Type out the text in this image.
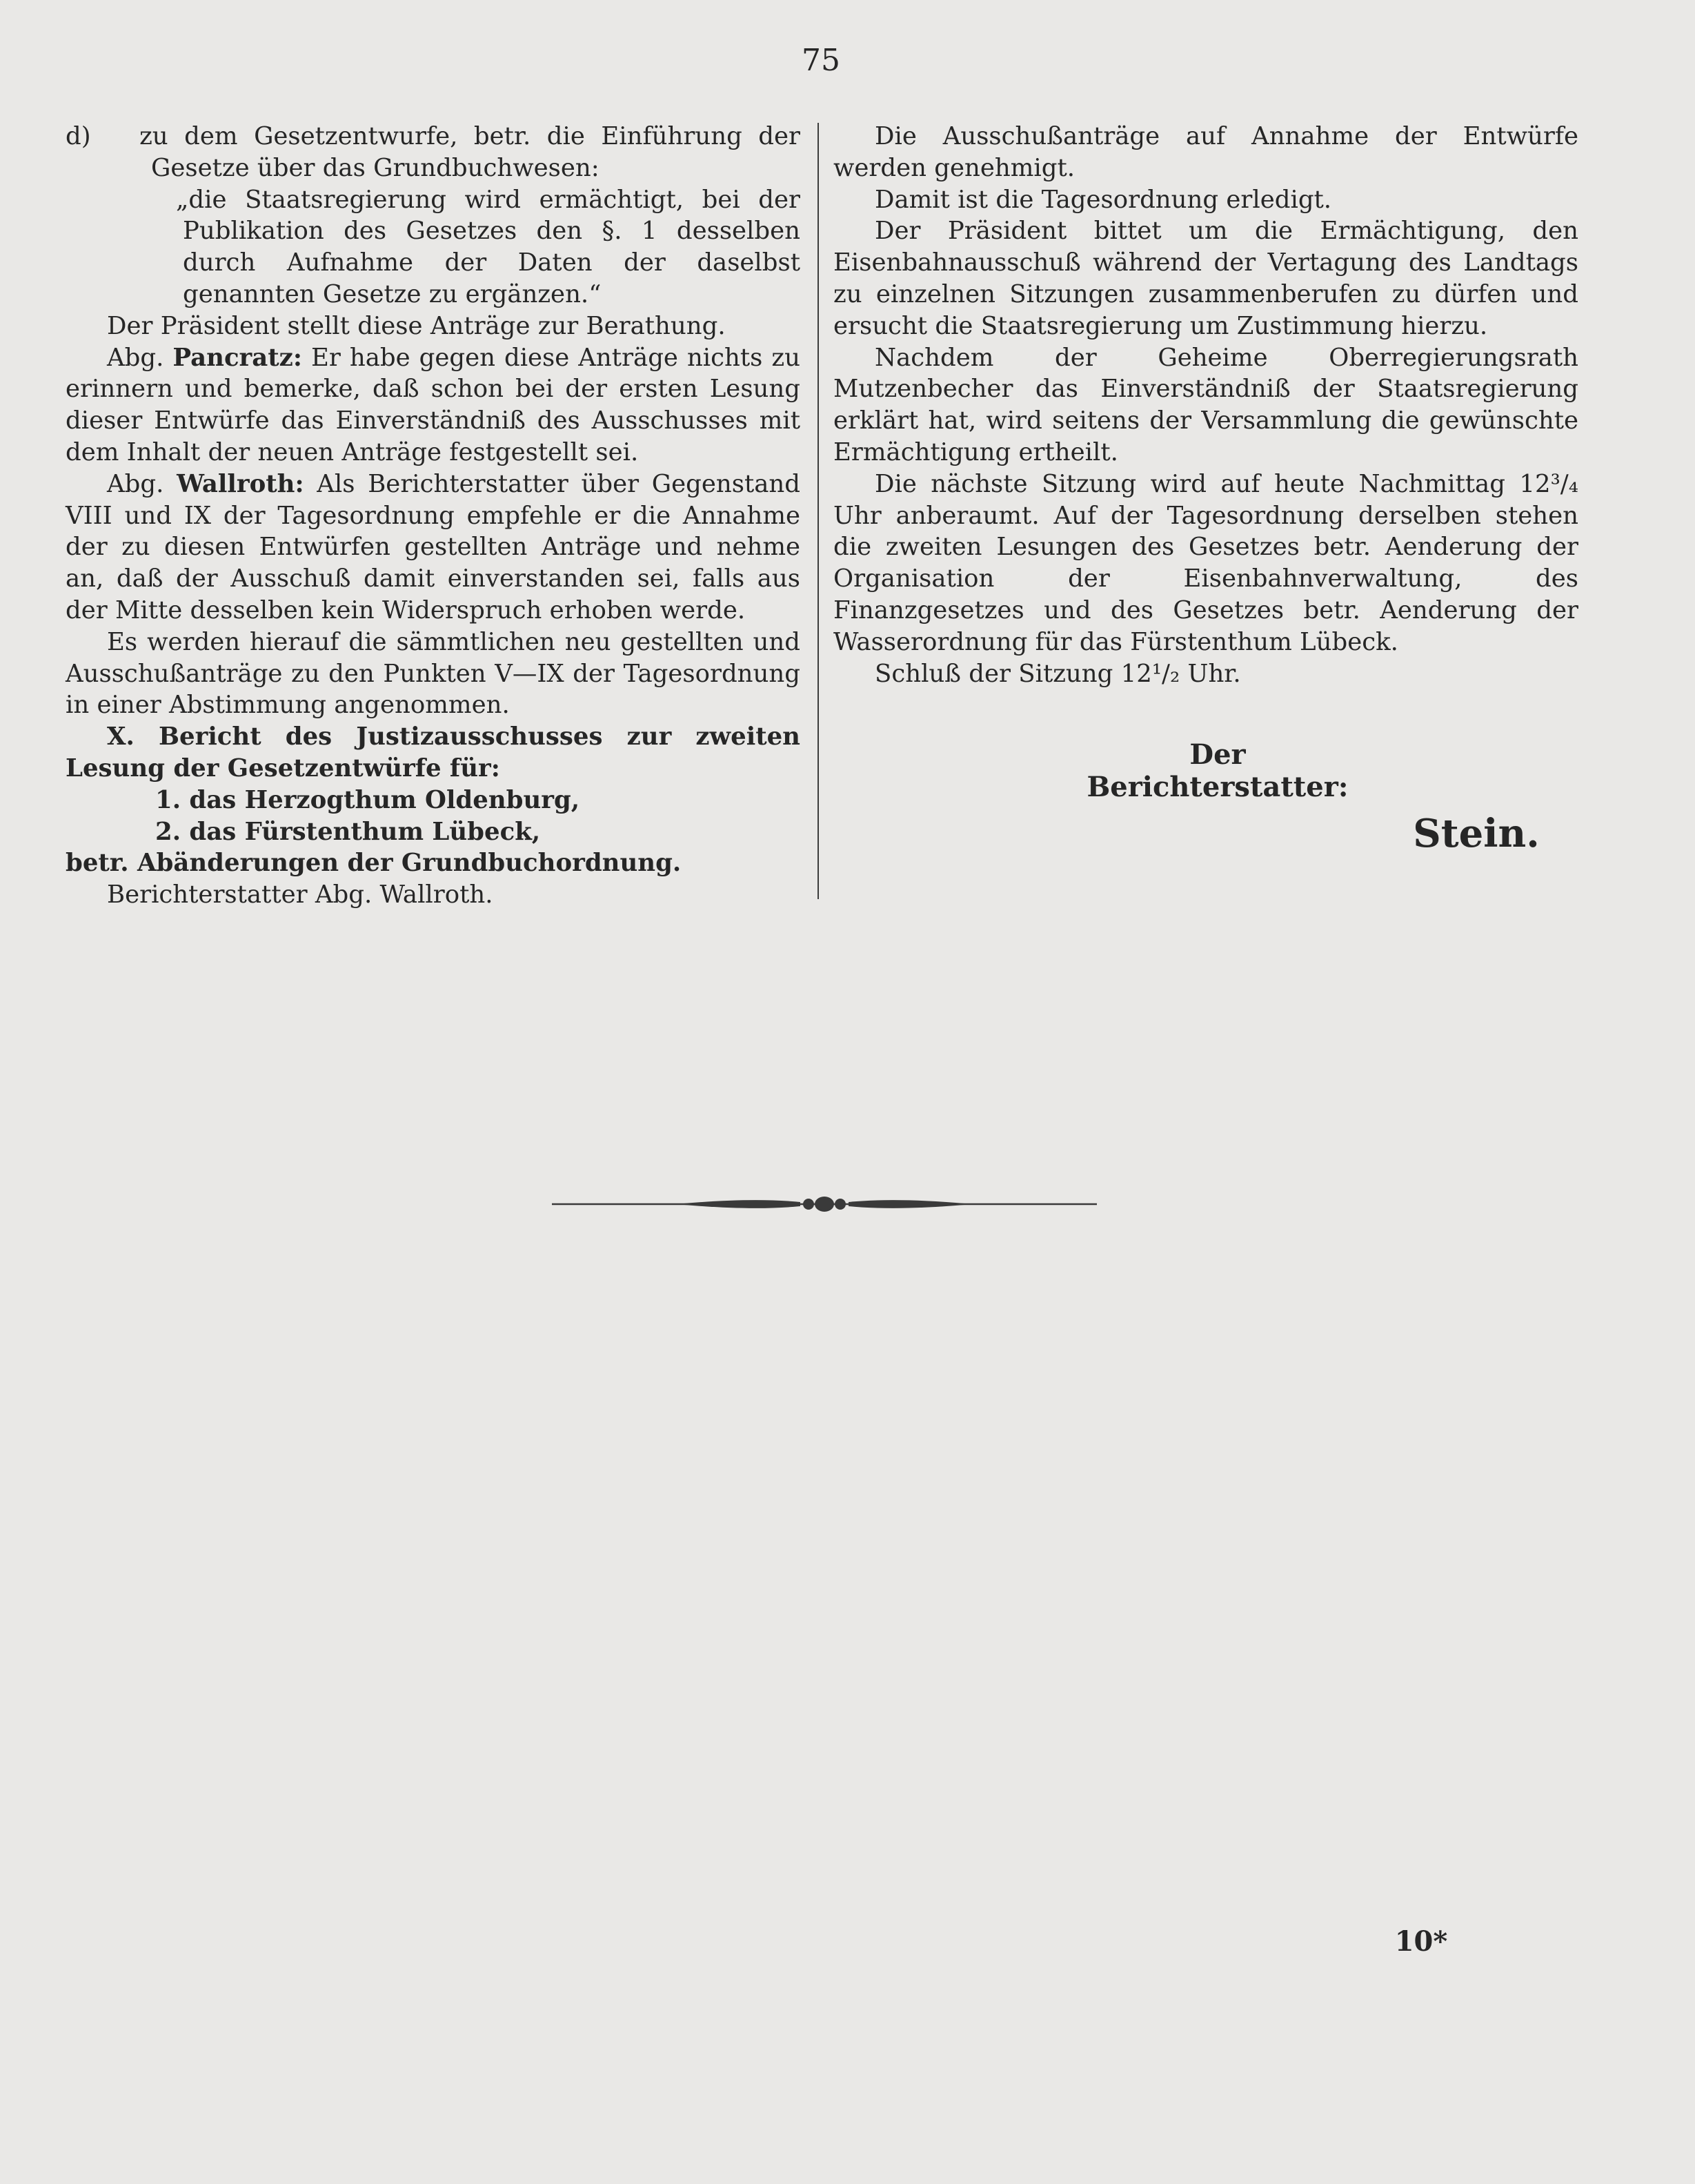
75

d) zu dem Gesetzentwurfe, betr. die Einführung der Gesetze über das Grundbuchwesen:

„die Staatsregierung wird ermächtigt, bei der Publikation des Gesetzes den §. 1 desselben durch Aufnahme der Daten der daselbst genannten Gesetze zu ergänzen.“

Der Präsident stellt diese Anträge zur Berathung.

Abg. Pancratz: Er habe gegen diese Anträge nichts zu erinnern und bemerke, daß schon bei der ersten Lesung dieser Entwürfe das Einverständniß des Ausschusses mit dem Inhalt der neuen Anträge festgestellt sei.

Abg. Wallroth: Als Berichterstatter über Gegenstand VIII und IX der Tagesordnung empfehle er die Annahme der zu diesen Entwürfen gestellten Anträge und nehme an, daß der Ausschuß damit einverstanden sei, falls aus der Mitte desselben kein Widerspruch erhoben werde.

Es werden hierauf die sämmtlichen neu gestellten und Ausschußanträge zu den Punkten V—IX der Tagesordnung in einer Abstimmung angenommen.

X. Bericht des Justizausschusses zur zweiten Lesung der Gesetzentwürfe für:

1. das Herzogthum Oldenburg,

2. das Fürstenthum Lübeck,

betr. Abänderungen der Grundbuchordnung.

Berichterstatter Abg. Wallroth.

Die Ausschußanträge auf Annahme der Entwürfe werden genehmigt.

Damit ist die Tagesordnung erledigt.

Der Präsident bittet um die Ermächtigung, den Eisenbahnausschuß während der Vertagung des Landtags zu einzelnen Sitzungen zusammenberufen zu dürfen und ersucht die Staatsregierung um Zustimmung hierzu.

Nachdem der Geheime Oberregierungsrath Mutzenbecher das Einverständniß der Staatsregierung erklärt hat, wird seitens der Versammlung die gewünschte Ermächtigung ertheilt.

Die nächste Sitzung wird auf heute Nachmittag 12³/₄ Uhr anberaumt. Auf der Tagesordnung derselben stehen die zweiten Lesungen des Gesetzes betr. Aenderung der Organisation der Eisenbahnverwaltung, des Finanzgesetzes und des Gesetzes betr. Aenderung der Wasserordnung für das Fürstenthum Lübeck.

Schluß der Sitzung 12¹/₂ Uhr.

Der Berichterstatter:
Stein.
10*
